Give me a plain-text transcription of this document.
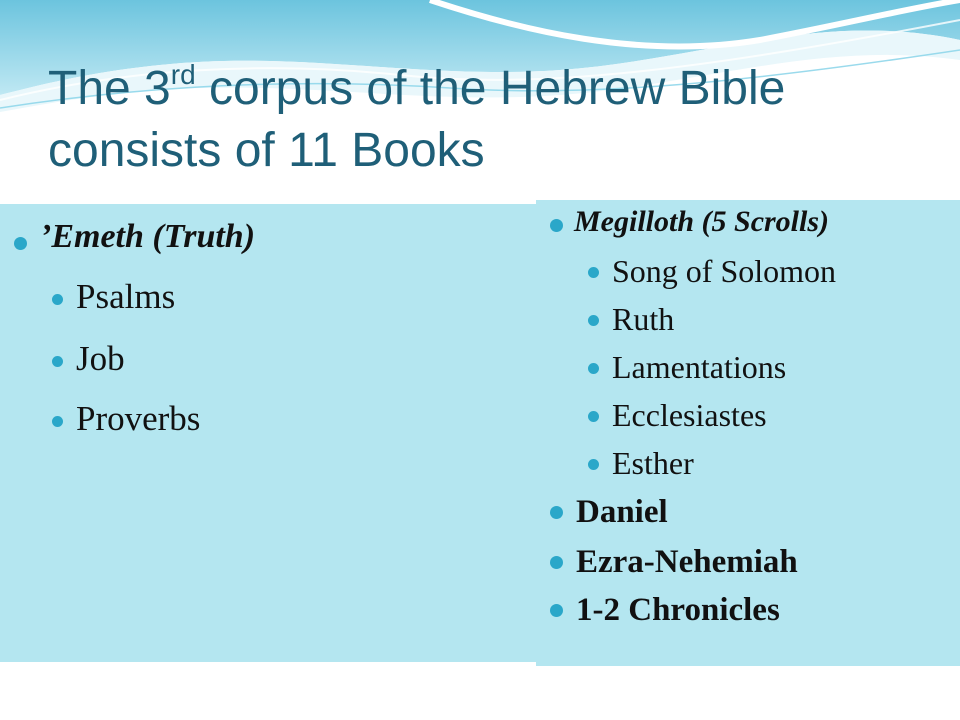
The 3rd corpus of the Hebrew Bible consists of 11 Books
’Emeth (Truth)
Psalms
Job
Proverbs
Megilloth (5 Scrolls)
Song of Solomon
Ruth
Lamentations
Ecclesiastes
Esther
Daniel
Ezra-Nehemiah
1-2 Chronicles
